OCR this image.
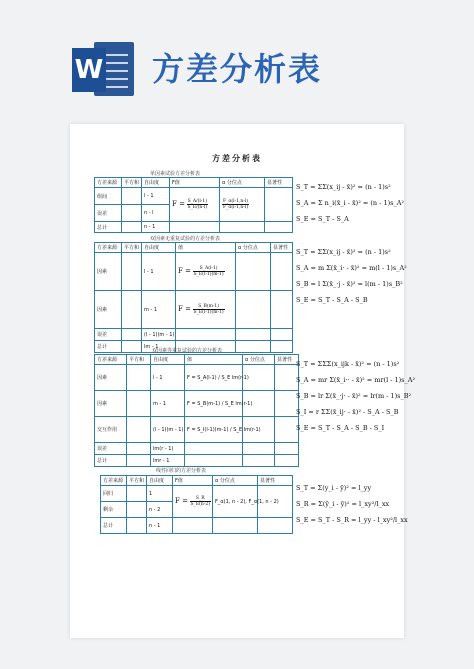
W 方差分析表
方差分析表
单因素试验方差分析表
方差来源	平方和	自由度	F值	α 分位点	显著性
组间		l - 1	$F = \frac{S\_A/(l-1)}{S\_E/(n-l)}$	$\frac{F\_\alpha(l-1,n-l)}{F\_\alpha(l-1,n-l)}$

误差		n - l			
总计		n - 1			
S_T = ΣΣ(x_ij - x̄)² = (n - 1)s²
S_A = Σ n_i(x̄_i - x̄)² = (n - 1)s_A²
S_E = S_T - S_A
双因素无重复试验的方差分析表
方差来源	平方和	自由度	值	α 分位点	显著性
因素		l - 1	$F = \frac{S\_A(l-1)}{S\_E(l-1)(m-1)}$

因素		m - 1	$F = \frac{S\_B(m-1)}{S\_E(l-1)(m-1)}$

误差		(l - 1)(m - 1)			
总计		lm - 1			
S_T = ΣΣ(x_ij - x̄)² = (n - 1)s²
S_A = m Σ(x̄_i· - x̄)² = m(l - 1)s_A²
S_B = l Σ(x̄_·j - x̄)² = l(m - 1)s_B²
S_E = S_T - S_A - S_B
双因素等重复试验的方差分析表
方差来源	平方和	自由度	值	α 分位点	显著性
因素		l - 1	F = S_A(l-1) / S_E lm(r-1)		
因素		m - 1	F = S_B(m-1) / S_E lm(r-1)		
交互作用		(l - 1)(m - 1)	F = S_I(l-1)(m-1) / S_E lm(r-1)		
误差		lm(r - 1)			
总计		lmr - 1			
S_T = ΣΣΣ(x_ijk - x̄)² = (n - 1)s²
S_A = mr Σ(x̄_i·· - x̄)² = mr(l - 1)s_A²
S_B = lr Σ(x̄_·j· - x̄)² = lr(m - 1)s_B²
S_I = r ΣΣ(x̄_ij· - x̄)² - S_A - S_B
S_E = S_T - S_A - S_B - S_I
线性回归的方差分析表
方差来源	平方和	自由度	F值	α 分位点	显著性
回归		1	$F = \frac{S\_R}{S\_E(n-2)}$	F_α(1, n - 2), F_α(1, n - 2)	
剩余		n - 2			
总计		n - 1			
S_T = Σ(y_i - ȳ)² = l_yy
S_R = Σ(ŷ_i - ȳ)² = l_xy²/l_xx
S_E = S_T - S_R = l_yy - l_xy²/l_xx
